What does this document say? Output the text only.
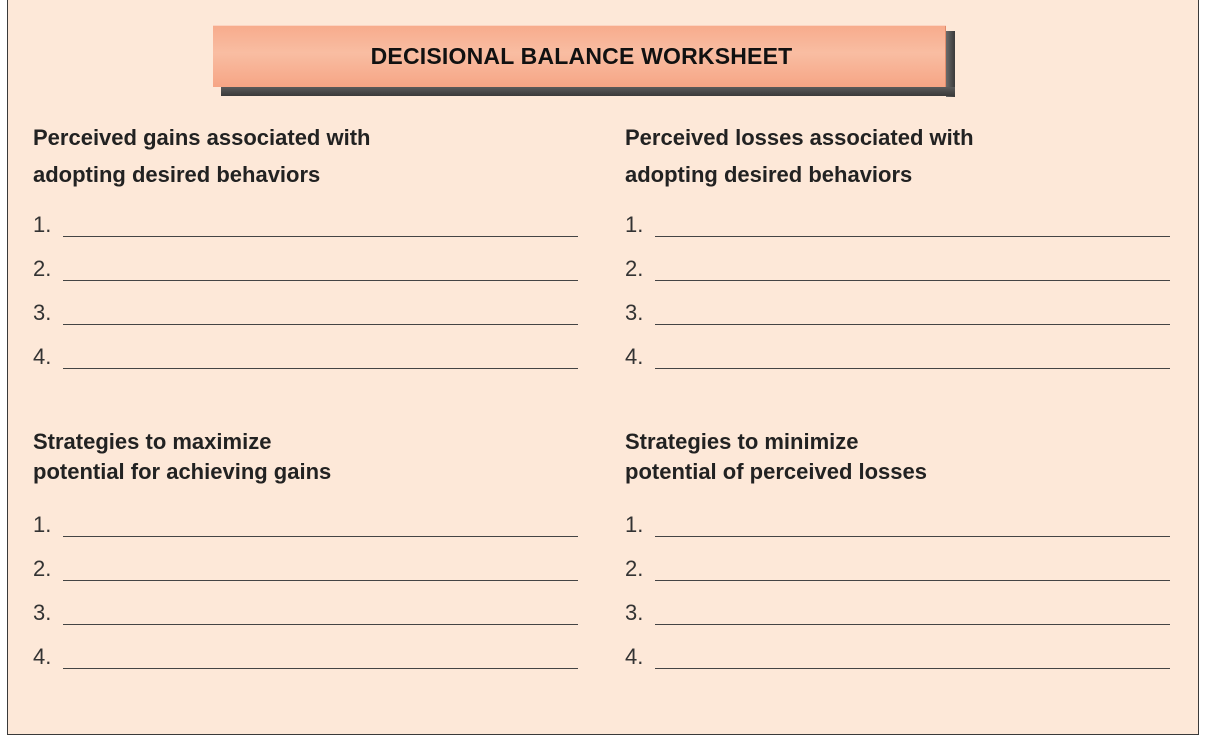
DECISIONAL BALANCE WORKSHEET
Perceived gains associated with
adopting desired behaviors
1.
2.
3.
4.
Perceived losses associated with
adopting desired behaviors
1.
2.
3.
4.
Strategies to maximize
potential for achieving gains
1.
2.
3.
4.
Strategies to minimize
potential of perceived losses
1.
2.
3.
4.
